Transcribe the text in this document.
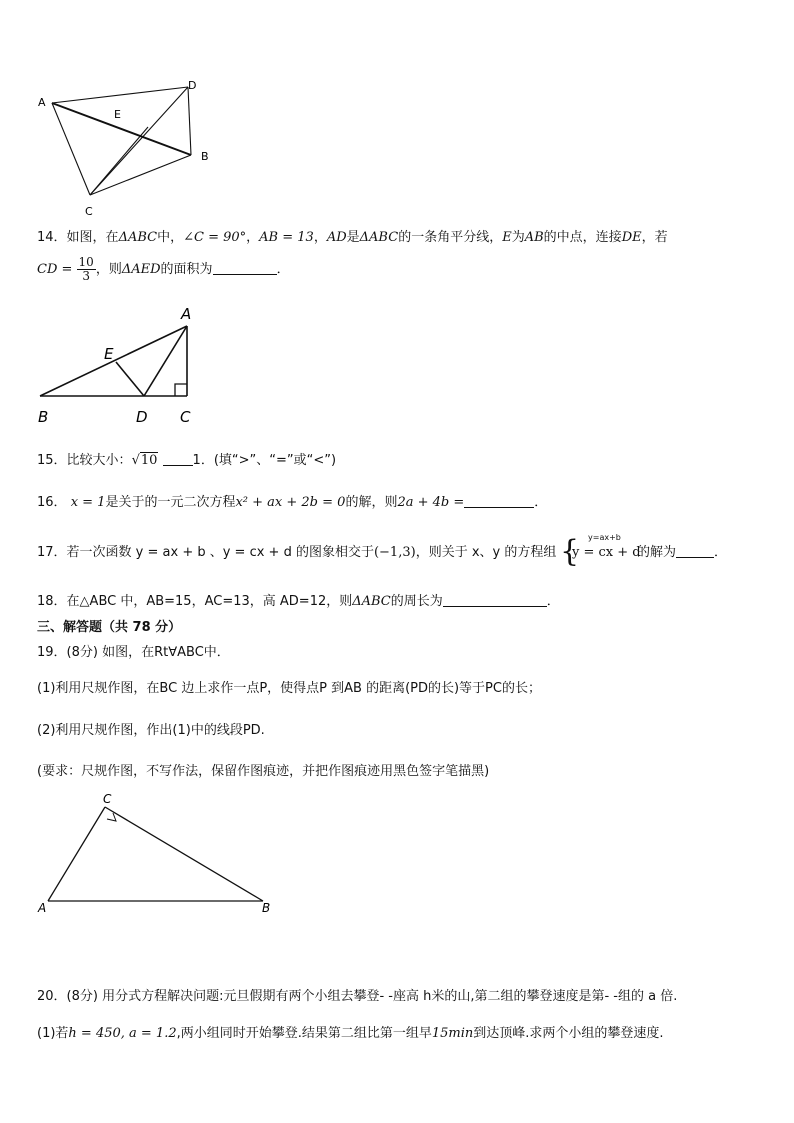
A
D
E
B
C
14．如图，在ΔABC中，∠C = 90°，AB = 13，AD是ΔABC的一条角平分线，E为AB的中点，连接DE，若
CD = $\frac{10}{3}$ ，则ΔAED的面积为	．
A
E
B	D C
15．比较大小：√10	1．(填“>”、“=”或“<”)
16． x = 1是关于的一元二次方程x² + ax + 2b = 0的解，则2a + 4b =	．
17．若一次函数 y = ax + b 、y = cx + d 的图象相交于(−1,3)，则关于 x、y 的方程组 { y=ax+b
y = cx + d
的解为	．
18．在△ABC 中，AB=15，AC=13，高 AD=12，则ΔABC的周长为	．
三、解答题（共 78 分）
19．(8分) 如图，在Rt∀ABC中．
(1)利用尺规作图，在BC 边上求作一点P，使得点P 到AB 的距离(PD的长)等于PC的长；
(2)利用尺规作图，作出(1)中的线段PD.
(要求：尺规作图，不写作法，保留作图痕迹，并把作图痕迹用黑色签字笔描黑)
C
A	B
20．(8分) 用分式方程解决问题:元旦假期有两个小组去攀登- -座高 h米的山,第二组的攀登速度是第- -组的 a 倍.
(1)若h = 450, a = 1.2,两小组同时开始攀登.结果第二组比第一组早15min到达顶峰.求两个小组的攀登速度.
